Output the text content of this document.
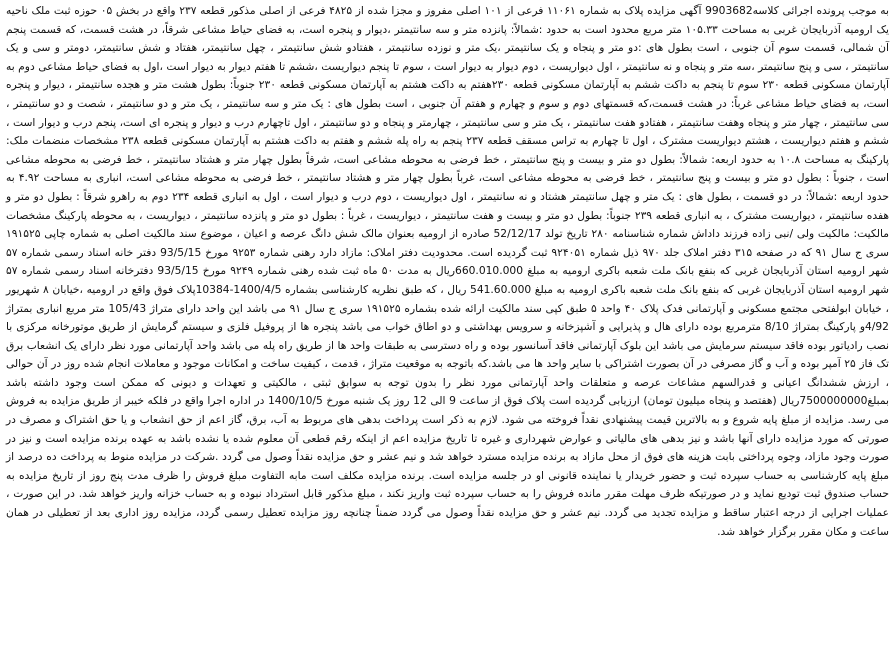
به موجب پرونده اجرائی کلاسه9903682 آگهی مزایده پلاک به شماره ۱۱۰۶۱ فرعی از ۱۰۱ اصلی مفروز و مجزا شده از ۴۸۲۵ فرعی از اصلی مذکور قطعه ۲۳۷ واقع در بخش ۰۵ حوزه ثبت ملک ناحیه یک ارومیه آذربایجان غربی به مساحت ۱۰۵.۳۳ متر مربع محدود است به حدود :شمالاً: پانزده متر و سه سانتیمتر ،دیوار و پنجره است، به فضای حیاط مشاعی شرقاً، در هشت قسمت، که قسمت پنجم آن شمالی، قسمت سوم آن جنوبی ، است بطول های :دو متر و پنجاه و یک سانتیمتر ،یک متر و نوزده سانتیمتر ، هفتادو شش سانتیمتر ، چهل سانتیمتر، هفتاد و شش سانتیمتر، دومتر و سی و یک سانتیمتر ، سی و پنج سانتیمتر ،سه متر و پنجاه و نه سانتیمتر ، اول دیواریست ، دوم دیوار به دیوار است ، سوم تا پنجم دیواریست ،ششم تا هفتم دیوار به دیوار است ،اول به فضای حیاط مشاعی دوم به آپارتمان مسکونی قطعه ۲۳۰ سوم تا پنجم به داکت ششم به آپارتمان مسکونی قطعه ۲۳۰هفتم به داکت هشتم به آپارتمان مسکونی قطعه ۲۳۰ جنوباً: بطول هشت متر و هجده سانتیمتر ، دیوار و پنجره است، به فضای حیاط مشاعی غرباً: در هشت قسمت،که قسمتهای دوم و سوم و چهارم و هفتم آن جنوبی ، است بطول های : یک متر و سه سانتیمتر ، یک متر و دو سانتیمتر ، شصت و دو سانتیمتر ، سی سانتیمتر ، چهار متر و پنجاه وهفت سانتیمتر ، هفتادو هفت سانتیمتر ، یک متر و سی سانتیمتر ، چهارمتر و پنجاه و دو سانتیمتر ، اول تاچهارم درب و دیوار و پنجره ای است، پنجم درب و دیوار است ، ششم و هفتم دیواریست ، هشتم دیواریست مشترک ، اول تا چهارم به تراس مسقف قطعه ۲۳۷ پنجم به راه پله ششم و هفتم به داکت هشتم به آپارتمان مسکونی قطعه ۲۳۸ مشخصات منضمات ملک: پارکینگ به مساحت ۱۰.۸ به حدود اربعه: شمالاً: بطول دو متر و بیست و پنج سانتیمتر ، خط فرضی به محوطه مشاعی است، شرقاً بطول چهار متر و هشتاد سانتیمتر ، خط فرضی به محوطه مشاعی است ، جنوباً : بطول دو متر و بیست و پنج سانتیمتر ، خط فرضی به محوطه مشاعی است، غرباً بطول چهار متر و هشتاد سانتیمتر ، خط فرضی به محوطه مشاعی است، انباری به مساحت ۴.۹۲ به حدود اربعه :شمالاً: در دو قسمت ، بطول های : یک متر و چهل سانتیمتر هشتاد و نه سانتیمتر ، اول دیواریست ، دوم درب و دیوار است ، اول به انباری قطعه ۲۳۴ دوم به راهرو شرقاً : بطول دو متر و هفده سانتیمتر ، دیواریست مشترک ، به انباری قطعه ۲۳۹ جنوباً: بطول دو متر و بیست و هفت سانتیمتر ، دیواریست ، غرباً : بطول دو متر و پانزده سانتیمتر ، دیواریست ، به محوطه پارکینگ مشخصات مالکیت: مالکیت ولی /نبی زاده فرزند داداش شماره شناسنامه ۲۸۰ تاریخ تولد 52/12/17 صادره از ارومیه بعنوان مالک شش دانگ عرصه و اعیان ، موضوع سند مالکیت اصلی به شماره چاپی ۱۹۱۵۲۵ سری ج سال ۹۱ که در صفحه ۳۱۵ دفتر املاک جلد ۹۷۰ ذیل شماره ۹۲۴۰۵۱ ثبت گردیده است. محدودیت دفتر املاک: مازاد دارد رهنی شماره ۹۲۵۳ مورخ 93/5/15 دفتر خانه اسناد رسمی شماره ۵۷ شهر ارومیه استان آذربایجان غربی که بنفع بانک ملت شعبه باکری ارومیه به مبلغ 660.010.000ریال به مدت ۵۰ ماه ثبت شده رهنی شماره ۹۲۴۹ مورخ 93/5/15 دفترخانه اسناد رسمی شماره ۵۷ شهر ارومیه استان آذربایجان غربی که بنفع بانک ملت شعبه باکری ارومیه به مبلغ 541.60.000 ریال ، که طبق نظریه کارشناسی بشماره 1400/4/5-10384پلاک فوق واقع در ارومیه ،خیابان ۸ شهریور ، خیابان ابولفتحی مجتمع مسکونی و آپارتمانی فدک پلاک ۴۰ واحد ۵ طبق کپی سند مالکیت ارائه شده بشماره ۱۹۱۵۲۵ سری ج سال ۹۱ می باشد این واحد دارای متراژ 105/43 متر مربع انباری بمتراژ 4/92و پارکینگ بمتراژ 8/10 مترمربع بوده دارای هال و پذیرایی و آشپزخانه و سرویس بهداشتی و دو اطاق خواب می باشد پنجره ها از پروفیل فلزی و سیستم گرمایش از طریق موتورخانه مرکزی با نصب رادیاتور بوده فاقد سیستم سرمایش می باشد این بلوک آپارتمانی فاقد آسانسور بوده و راه دسترسی به طبقات واحد ها از طریق راه پله می باشد واحد آپارتمانی مورد نظر دارای یک انشعاب برق تک فاز ۲۵ آمپر بوده و آب و گاز مصرفی در آن بصورت اشتراکی با سایر واحد ها می باشد.که باتوجه به موقعیت متراژ ، قدمت ، کیفیت ساخت و امکانات موجود و معاملات انجام شده روز در آن حوالی ، ارزش ششدانگ اعیانی و قدرالسهم مشاعات عرصه و متعلقات واحد آپارتمانی مورد نظر را بدون توجه به سوابق ثبتی ، مالکیتی و تعهدات و دیونی که ممکن است وجود داشته باشد بمبلغ7500000000ریال (هفتصد و پنجاه میلیون تومان) ارزیابی گردیده است پلاک فوق از ساعت 9 الی 12 روز یک شنبه مورخ 1400/10/5 در اداره اجرا واقع در فلکه خیبر از طریق مزایده به فروش می رسد. مزایده از مبلغ پایه شروع و به بالاترین قیمت پیشنهادی نقداً فروخته می شود. لازم به ذکر است پرداخت بدهی های مربوط به آب، برق، گاز اعم از حق انشعاب و یا حق اشتراک و مصرف در صورتی که مورد مزایده دارای آنها باشد و نیز بدهی های مالیاتی و عوارض شهرداری و غیره تا تاریخ مزایده اعم از اینکه رقم قطعی آن معلوم شده یا نشده باشد به عهده برنده مزایده است و نیز در صورت وجود مازاد، وجوه پرداختی بابت هزینه های فوق از محل مازاد به برنده مزایده مسترد خواهد شد و نیم عشر و حق مزایده نقداً وصول می گردد .شرکت در مزایده منوط به پرداخت ده درصد از مبلغ پایه کارشناسی به حساب سپرده ثبت و حضور خریدار یا نماینده قانونی او در جلسه مزایده است. برنده مزایده مکلف است مابه التفاوت مبلغ فروش را ظرف مدت پنج روز از تاریخ مزایده به حساب صندوق ثبت تودیع نماید و در صورتیکه ظرف مهلت مقرر مانده فروش را به حساب سپرده ثبت واریز نکند ، مبلغ مذکور قابل استرداد نبوده و به حساب خزانه واریز خواهد شد. در این صورت ، عملیات اجرایی از درجه اعتبار ساقط و مزایده تجدید می گردد. نیم عشر و حق مزایده نقداً وصول می گردد ضمناً چنانچه روز مزایده تعطیل رسمی گردد، مزایده روز اداری بعد از تعطیلی در همان ساعت و مکان مقرر برگزار خواهد شد.
